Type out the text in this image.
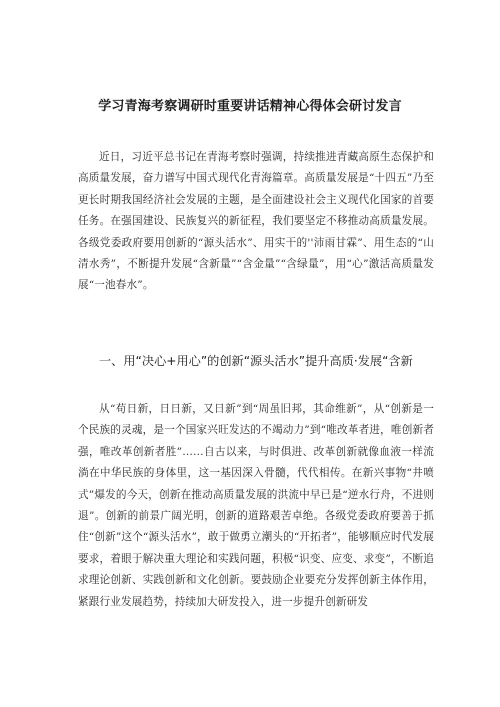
学习青海考察调研时重要讲话精神心得体会研讨发言

近日，习近平总书记在青海考察时强调，持续推进青藏高原生态保护和高质量发展，奋力谱写中国式现代化青海篇章。高质量发展是“十四五”乃至更长时期我国经济社会发展的主题，是全面建设社会主义现代化国家的首要任务。在强国建设、民族复兴的新征程，我们要坚定不移推动高质量发展。各级党委政府要用创新的“源头活水”、用实干的''沛雨甘霖”、用生态的“山清水秀”，不断提升发展“含新量”“含金量”“含绿量”，用“心”激活高质量发展“一池春水”。

一、用“决心+用心”的创新“源头活水”提升高质·发展“含新

从“苟日新，日日新，又日新”到“周虽旧邦，其命维新”，从“创新是一个民族的灵魂，是一个国家兴旺发达的不竭动力”到“唯改革者进，唯创新者强，唯改革创新者胜”……自古以来，与时俱进、改革创新就像血液一样流淌在中华民族的身体里，这一基因深入骨髓，代代相传。在新兴事物“井喷式”爆发的今天，创新在推动高质量发展的洪流中早已是“逆水行舟，不进则退”。创新的前景广阔光明，创新的道路艰苦卓绝。各级党委政府要善于抓住“创新”这个“源头活水”，敢于做勇立潮头的“开拓者”，能够顺应时代发展要求，着眼于解决重大理论和实践问题，积极“识变、应变、求变”，不断追求理论创新、实践创新和文化创新。要鼓励企业要充分发挥创新主体作用，紧跟行业发展趋势，持续加大研发投入，进一步提升创新研发
